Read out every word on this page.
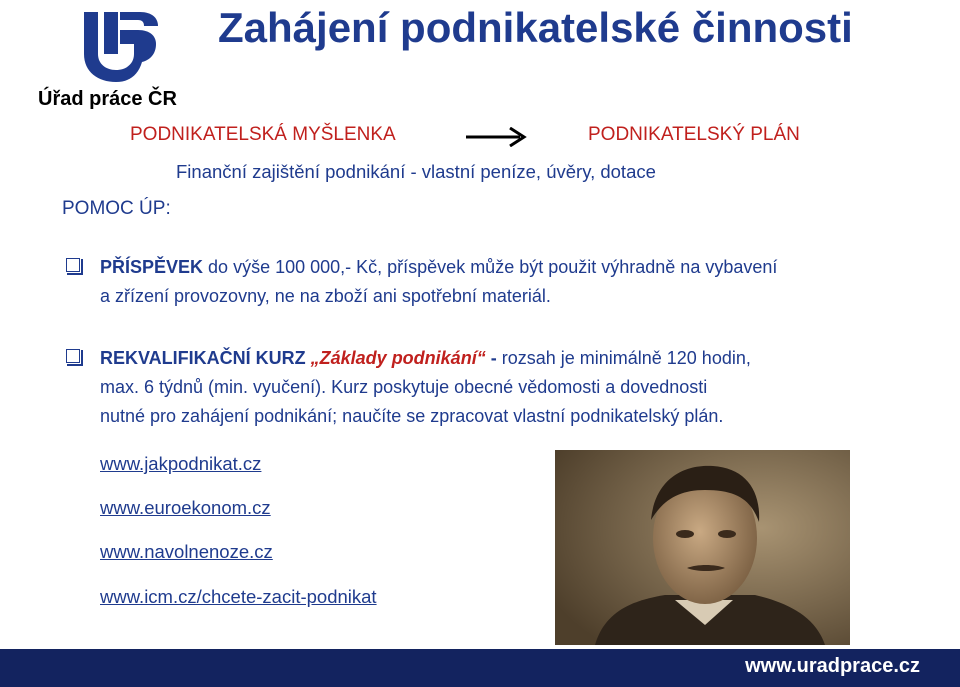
Úřad práce ČR
Zahájení podnikatelské činnosti
PODNIKATELSKÁ MYŠLENKA	PODNIKATELSKÝ PLÁN
Finanční zajištění podnikání - vlastní peníze, úvěry, dotace
POMOC ÚP:
PŘÍSPĚVEK do výše 100 000,- Kč, příspěvek může být použit výhradně na vybavení
a zřízení provozovny, ne na zboží ani spotřební materiál.
REKVALIFIKAČNÍ KURZ „Základy podnikání“ - rozsah je minimálně 120 hodin,
max. 6 týdnů (min. vyučení). Kurz poskytuje obecné vědomosti a dovednosti
nutné pro zahájení podnikání; naučíte se zpracovat vlastní podnikatelský plán.
www.jakpodnikat.cz
www.euroekonom.cz
www.navolnenoze.cz
www.icm.cz/chcete-zacit-podnikat
www.uradprace.cz
